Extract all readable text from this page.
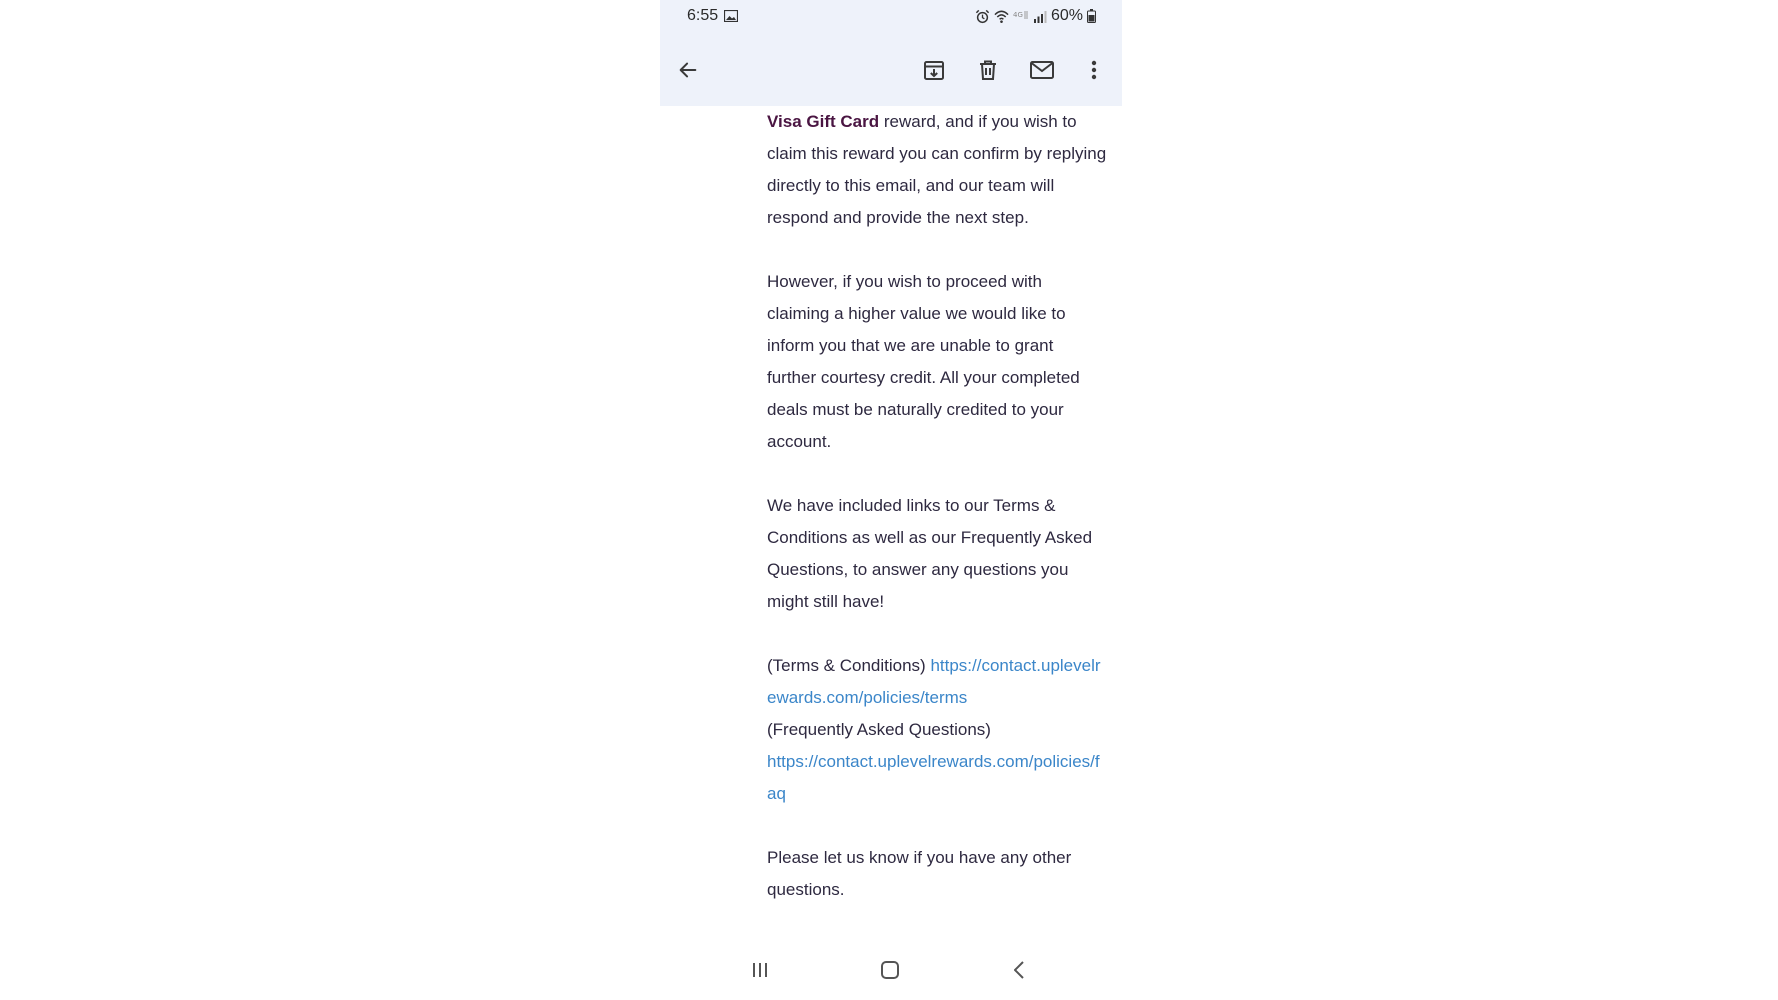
6:55	4G 60%

Visa Gift Card reward, and if you wish to claim this reward you can confirm by replying directly to this email, and our team will respond and provide the next step.

However, if you wish to proceed with claiming a higher value we would like to inform you that we are unable to grant further courtesy credit. All your completed deals must be naturally credited to your account.

We have included links to our Terms & Conditions as well as our Frequently Asked Questions, to answer any questions you might still have!

(Terms & Conditions) https://contact.uplevelrewards.com/policies/terms
(Frequently Asked Questions)
https://contact.uplevelrewards.com/policies/faq

Please let us know if you have any other questions.
